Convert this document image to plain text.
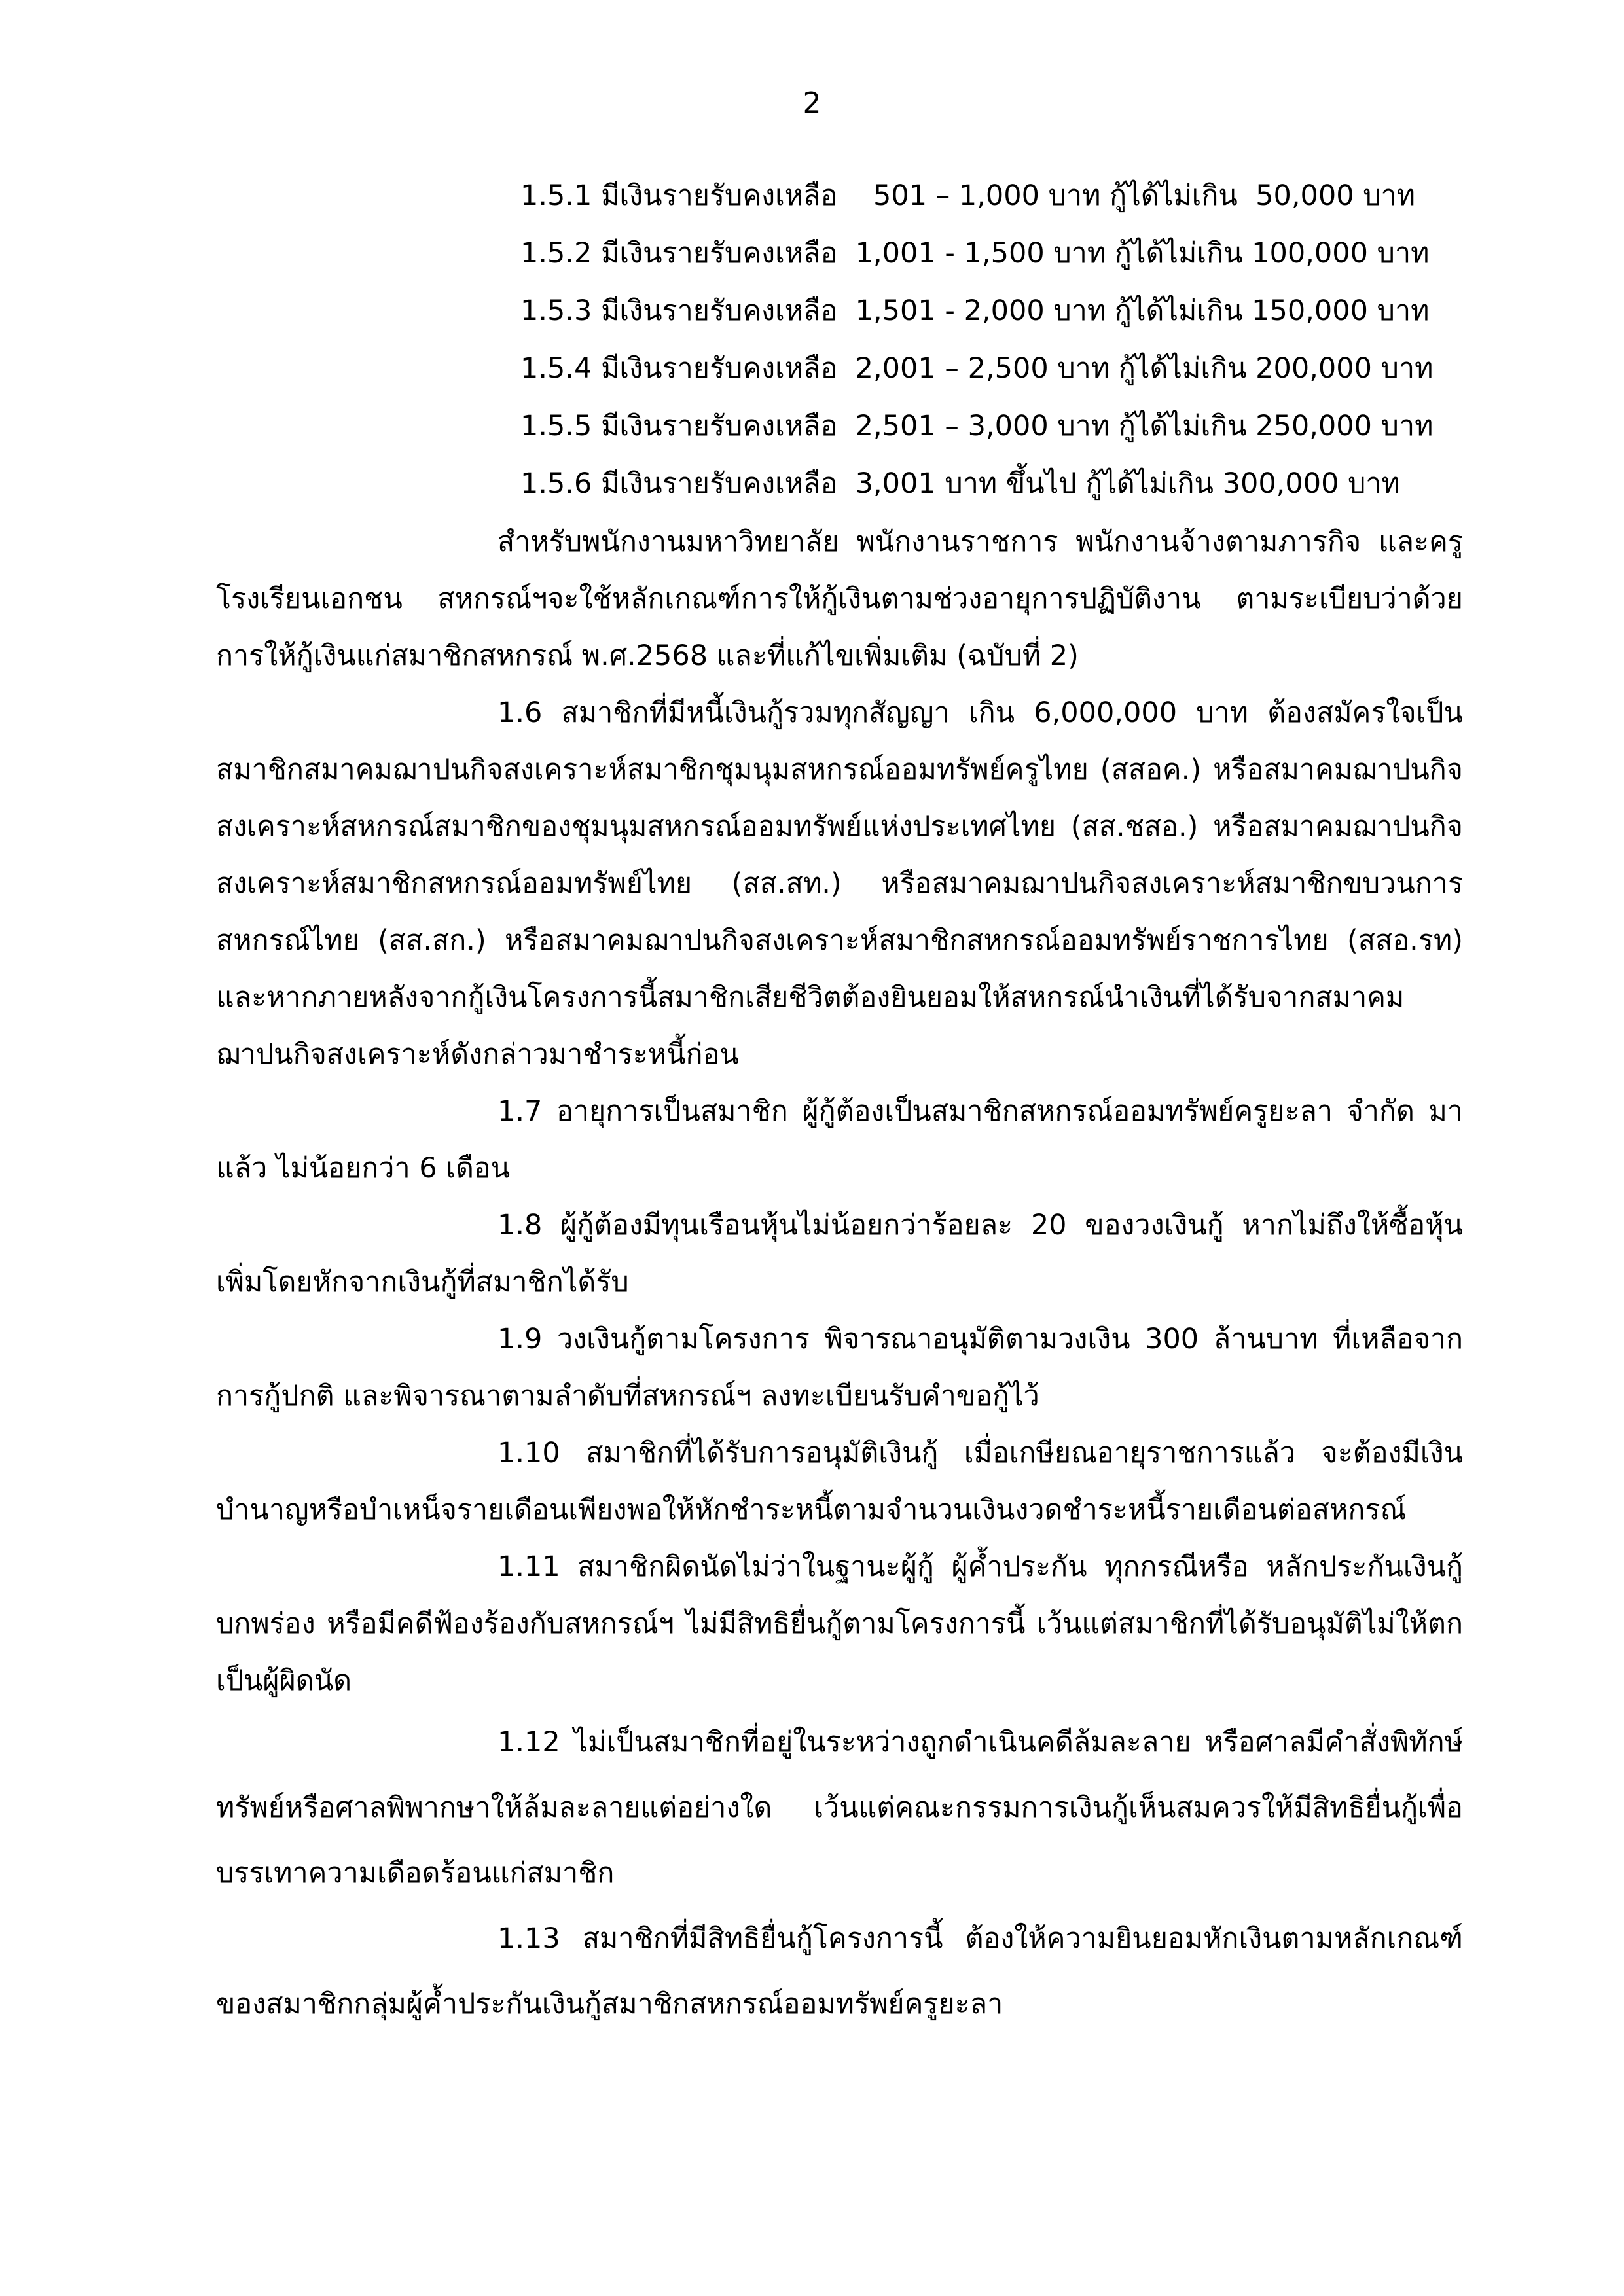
2
1.5.1 มีเงินรายรับคงเหลือ    501 – 1,000 บาท กู้ได้ไม่เกิน  50,000 บาท
1.5.2 มีเงินรายรับคงเหลือ  1,001 - 1,500 บาท กู้ได้ไม่เกิน 100,000 บาท
1.5.3 มีเงินรายรับคงเหลือ  1,501 - 2,000 บาท กู้ได้ไม่เกิน 150,000 บาท
1.5.4 มีเงินรายรับคงเหลือ  2,001 – 2,500 บาท กู้ได้ไม่เกิน 200,000 บาท
1.5.5 มีเงินรายรับคงเหลือ  2,501 – 3,000 บาท กู้ได้ไม่เกิน 250,000 บาท
1.5.6 มีเงินรายรับคงเหลือ  3,001 บาท ขึ้นไป กู้ได้ไม่เกิน 300,000 บาท

สำหรับพนักงานมหาวิทยาลัย พนักงานราชการ พนักงานจ้างตามภารกิจ และครูโรงเรียนเอกชน สหกรณ์ฯจะใช้หลักเกณฑ์การให้กู้เงินตามช่วงอายุการปฏิบัติงาน ตามระเบียบว่าด้วย การให้กู้เงินแก่สมาชิกสหกรณ์ พ.ศ.2568 และที่แก้ไขเพิ่มเติม (ฉบับที่ 2)

1.6 สมาชิกที่มีหนี้เงินกู้รวมทุกสัญญา เกิน 6,000,000 บาท ต้องสมัครใจเป็นสมาชิกสมาคมฌาปนกิจสงเคราะห์สมาชิกชุมนุมสหกรณ์ออมทรัพย์ครูไทย (สสอค.) หรือสมาคมฌาปนกิจสงเคราะห์สหกรณ์สมาชิกของชุมนุมสหกรณ์ออมทรัพย์แห่งประเทศไทย (สส.ชสอ.) หรือสมาคมฌาปนกิจสงเคราะห์สมาชิกสหกรณ์ออมทรัพย์ไทย (สส.สท.) หรือสมาคมฌาปนกิจสงเคราะห์สมาชิกขบวนการสหกรณ์ไทย (สส.สก.) หรือสมาคมฌาปนกิจสงเคราะห์สมาชิกสหกรณ์ออมทรัพย์ราชการไทย (สสอ.รท) และหากภายหลังจากกู้เงินโครงการนี้สมาชิกเสียชีวิตต้องยินยอมให้สหกรณ์นำเงินที่ได้รับจากสมาคมฌาปนกิจสงเคราะห์ดังกล่าวมาชำระหนี้ก่อน

1.7 อายุการเป็นสมาชิก ผู้กู้ต้องเป็นสมาชิกสหกรณ์ออมทรัพย์ครูยะลา จำกัด มาแล้ว ไม่น้อยกว่า 6 เดือน

1.8 ผู้กู้ต้องมีทุนเรือนหุ้นไม่น้อยกว่าร้อยละ 20 ของวงเงินกู้ หากไม่ถึงให้ซื้อหุ้นเพิ่มโดยหักจากเงินกู้ที่สมาชิกได้รับ

1.9 วงเงินกู้ตามโครงการ พิจารณาอนุมัติตามวงเงิน 300 ล้านบาท ที่เหลือจากการกู้ปกติ และพิจารณาตามลำดับที่สหกรณ์ฯ ลงทะเบียนรับคำขอกู้ไว้

1.10 สมาชิกที่ได้รับการอนุมัติเงินกู้ เมื่อเกษียณอายุราชการแล้ว จะต้องมีเงินบำนาญหรือบำเหน็จรายเดือนเพียงพอให้หักชำระหนี้ตามจำนวนเงินงวดชำระหนี้รายเดือนต่อสหกรณ์

1.11 สมาชิกผิดนัดไม่ว่าในฐานะผู้กู้ ผู้ค้ำประกัน ทุกกรณีหรือ หลักประกันเงินกู้บกพร่อง หรือมีคดีฟ้องร้องกับสหกรณ์ฯ ไม่มีสิทธิยื่นกู้ตามโครงการนี้ เว้นแต่สมาชิกที่ได้รับอนุมัติไม่ให้ตกเป็นผู้ผิดนัด

1.12 ไม่เป็นสมาชิกที่อยู่ในระหว่างถูกดำเนินคดีล้มละลาย หรือศาลมีคำสั่งพิทักษ์ทรัพย์หรือศาลพิพากษาให้ล้มละลายแต่อย่างใด เว้นแต่คณะกรรมการเงินกู้เห็นสมควรให้มีสิทธิยื่นกู้เพื่อบรรเทาความเดือดร้อนแก่สมาชิก

1.13 สมาชิกที่มีสิทธิยื่นกู้โครงการนี้ ต้องให้ความยินยอมหักเงินตามหลักเกณฑ์ของสมาชิกกลุ่มผู้ค้ำประกันเงินกู้สมาชิกสหกรณ์ออมทรัพย์ครูยะลา
